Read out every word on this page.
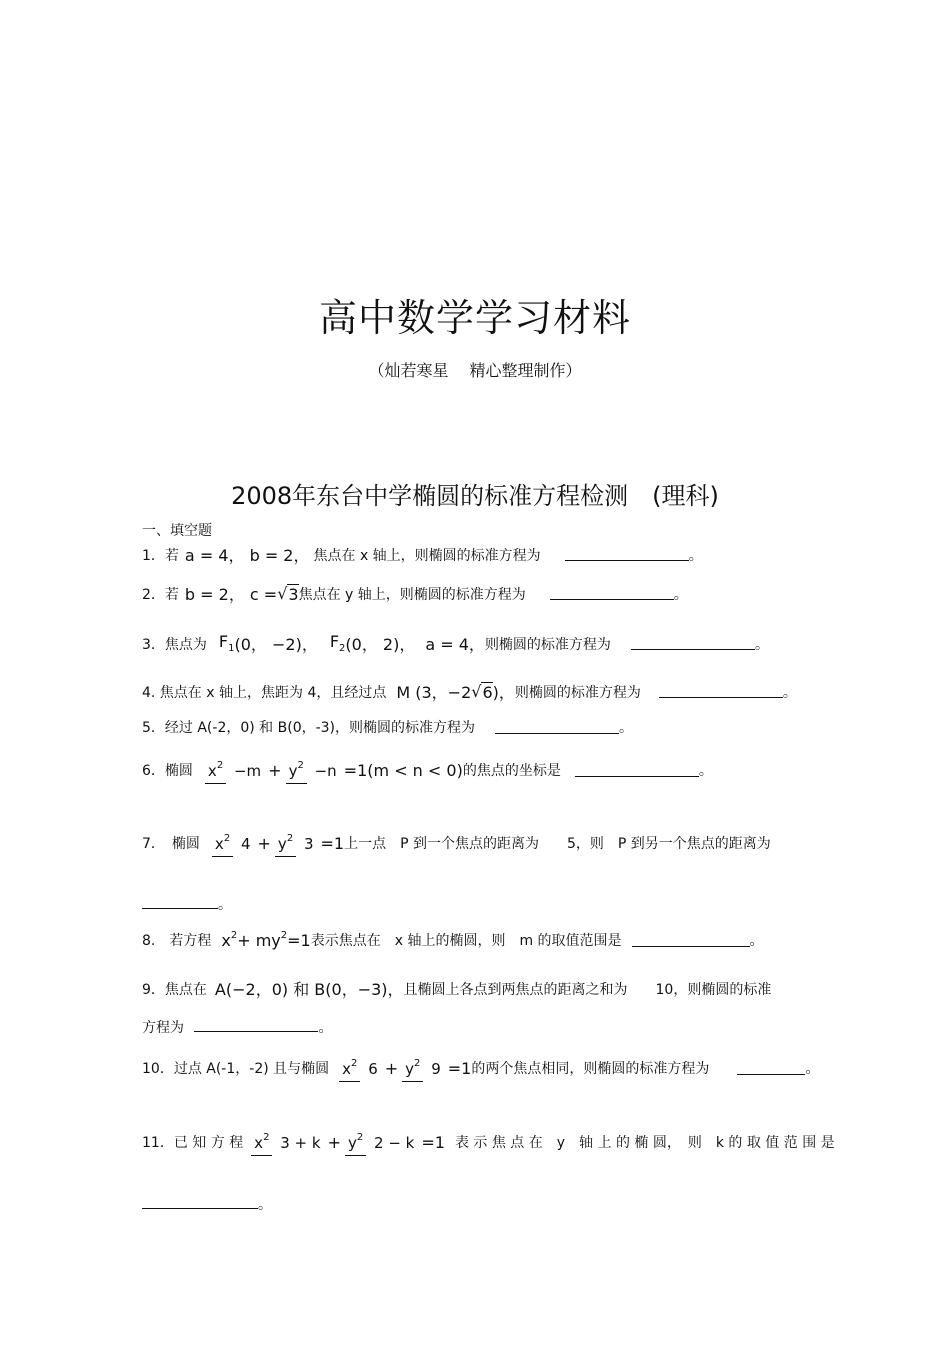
高中数学学习材料
（灿若寒星　 精心整理制作）
2008年东台中学椭圆的标准方程检测　(理科)
一、填空题
1．若 a = 4， b = 2， 焦点在 x 轴上，则椭圆的标准方程为	。
2．若 b = 2， c = √ 3 焦点在 y 轴上，则椭圆的标准方程为	。
3．焦点为 $F_1$ (0， −2)， $F_2$ (0， 2)， a = 4， 则椭圆的标准方程为	。
4. 焦点在 x 轴上，焦距为 4，且经过点 M (3，−2 √ 6 )， 则椭圆的标准方程为	。
5．经过 A(-2，0) 和 B(0，-3)，则椭圆的标准方程为	。
6．椭圆 $x^2 -m + y^2 -n =1(m < n < 0)$ 的焦点的坐标是	。
7．　椭圆 $x^2$ $4 + y^2$ 3 =1 上一点　P 到一个焦点的距离为　　5，则　P 到另一个焦点的距离为
。
8.　若方程 $x^2+ my^2=1$ 表示焦点在　x 轴上的椭圆，则　m 的取值范围是	。
9．焦点在 A(−2，0) 和 B(0，−3)， 且椭圆上各点到两焦点的距离之和为　　10，则椭圆的标准
方程为	。
10．过点 A(-1，-2) 且与椭圆 $x^2$ $6 + y^2$ 9 =1 的两个焦点相同，则椭圆的标准方程为	。
11．已 知 方 程 $x^2$ $3 + k + y^2$ 2 − k =1 表 示 焦 点 在　y　轴 上 的 椭 圆，　则　k 的 取 值 范 围 是
。
